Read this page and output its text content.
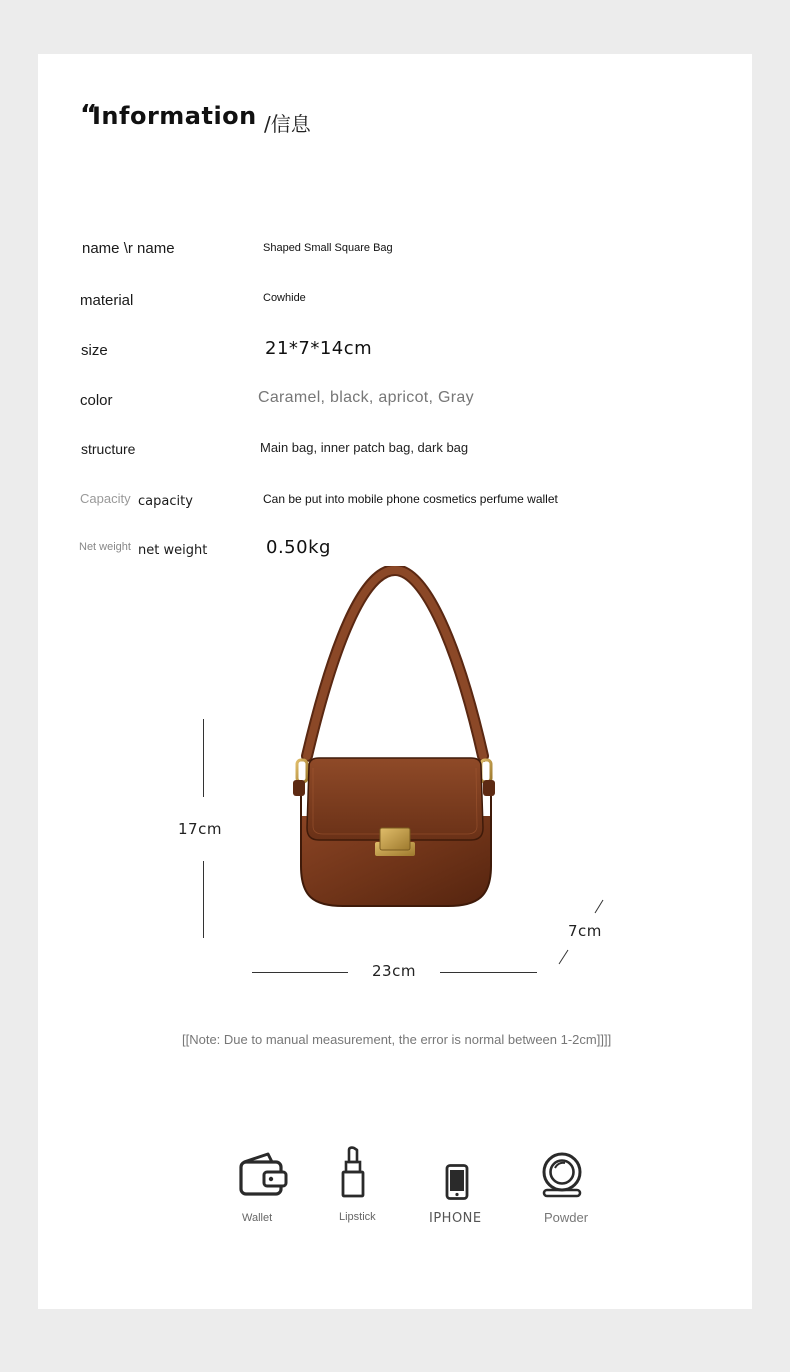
“
Information /信息
name \r name	Shaped Small Square Bag
material	Cowhide
size	21*7*14cm
color	Caramel, black, apricot, Gray
structure	Main bag, inner patch bag, dark bag
Capacity capacity	Can be put into mobile phone cosmetics perfume wallet
Net weight net weight	0.50kg
17cm
23cm
7cm
[[Note: Due to manual measurement, the error is normal between 1-2cm]]]]
Wallet	Lipstick	IPHONE	Powder
